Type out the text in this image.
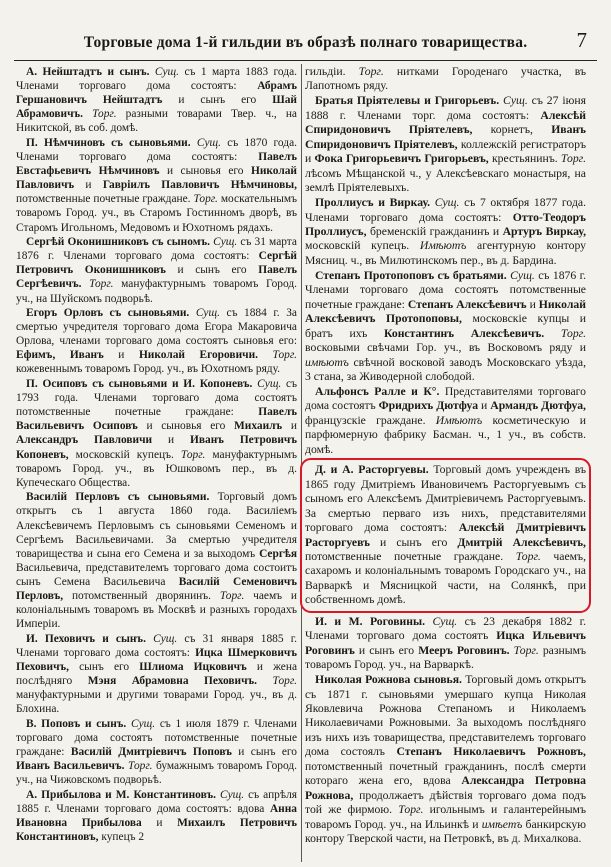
Торговые дома 1-й гильдии въ образѣ полнаго товарищества.	7

А. Нейштадтъ и сынъ. Сущ. съ 1 марта 1883 года. Членами торговаго дома состоятъ: Абрамъ Гершановичъ Нейштадтъ и сынъ его Шай Абрамовичъ. Торг. разными товарами Твер. ч., на Никитской, въ соб. домѣ.

П. Нѣмчиновъ съ сыновьями. Сущ. съ 1870 года. Членами торговаго дома состоятъ: Павелъ Евстафьевичъ Нѣмчиновъ и сыновья его Николай Павловичъ и Гавріилъ Павловичъ Нѣмчиновы, потомственные почетные граждане. Торг. москательнымъ товаромъ Город. уч., въ Старомъ Гостинномъ дворѣ, въ Старомъ Игольномъ, Медовомъ и Юхотномъ рядахъ.

Сергѣй Оконишниковъ съ сыномъ. Сущ. съ 31 марта 1876 г. Членами торговаго дома состоятъ: Сергѣй Петровичъ Оконишниковъ и сынъ его Павелъ Сергѣевичъ. Торг. мануфактурнымъ товаромъ Город. уч., на Шуйскомъ подворьѣ.

Егоръ Орловъ съ сыновьями. Сущ. съ 1884 г. За смертью учредителя торговаго дома Егора Макаровича Орлова, членами торговаго дома состоятъ сыновья его: Ефимъ, Иванъ и Николай Егоровичи. Торг. кожевеннымъ товаромъ Город. уч., въ Юхотномъ ряду.

П. Осиповъ съ сыновьями и И. Копоневъ. Сущ. съ 1793 года. Членами торговаго дома состоятъ потомственные почетные граждане: Павелъ Васильевичъ Осиповъ и сыновья его Михаилъ и Александръ Павловичи и Иванъ Петровичъ Копоневъ, московскій купецъ. Торг. мануфактурнымъ товаромъ Город. уч., въ Юшковомъ пер., въ д. Купеческаго Общества.

Василій Перловъ съ сыновьями. Торговый домъ открытъ съ 1 августа 1860 года. Василіемъ Алексѣевичемъ Перловымъ съ сыновьями Семеномъ и Сергѣемъ Васильевичами. За смертью учредителя товарищества и сына его Семена и за выходомъ Сергѣя Васильевича, представителемъ торговаго дома состоитъ сынъ Семена Васильевича Василій Семеновичъ Перловъ, потомственный дворянинъ. Торг. чаемъ и колоніальнымъ товаромъ въ Москвѣ и разныхъ городахъ Имперіи.

И. Пеховичъ и сынъ. Сущ. съ 31 января 1885 г. Членами торговаго дома состоятъ: Ицка Шмерковичъ Пеховичъ, сынъ его Шлиома Ицковичъ и жена послѣдняго Мэня Абрамовна Пеховичъ. Торг. мануфактурными и другими товарами Город. уч., въ д. Блохина.

В. Поповъ и сынъ. Сущ. съ 1 июля 1879 г. Членами торговаго дома состоятъ потомственные почетные граждане: Василій Дмитріевичъ Поповъ и сынъ его Иванъ Васильевичъ. Торг. бумажнымъ товаромъ Город. уч., на Чижовскомъ подворьѣ.

А. Прибылова и М. Константиновъ. Сущ. съ апрѣля 1885 г. Членами торговаго дома состоятъ: вдова Анна Ивановна Прибылова и Михаилъ Петровичъ Константиновъ, купецъ 2

гильдіи. Торг. нитками Городенаго участка, въ Лапотномъ ряду.

Братья Пріятелевы и Григорьевъ. Сущ. съ 27 іюня 1888 г. Членами торг. дома состоятъ: Алексѣй Спиридоновичъ Пріятелевъ, корнетъ, Иванъ Спиридоновичъ Пріятелевъ, коллежскій регистраторъ и Фока Григорьевичъ Григорьевъ, крестьянинъ. Торг. лѣсомъ Мѣщанской ч., у Алексѣевскаго монастыря, на землѣ Пріятелевыхъ.

Проллиусъ и Виркау. Сущ. съ 7 октября 1877 года. Членами торговаго дома состоятъ: Отто-Теодоръ Проллиусъ, бременскій гражданинъ и Артуръ Виркау, московскій купецъ. Имѣютъ агентурную контору Мясниц. ч., въ Милютинскомъ пер., въ д. Бардина.

Степанъ Протопоповъ съ братьями. Сущ. съ 1876 г. Членами торговаго дома состоятъ потомственные почетные граждане: Степанъ Алексѣевичъ и Николай Алексѣевичъ Протопоповы, московскіе купцы и братъ ихъ Константинъ Алексѣевичъ. Торг. восковыми свѣчами Гор. уч., въ Восковомъ ряду и имѣютъ свѣчной восковой заводъ Московскаго уѣзда, 3 стана, за Живодерной слободой.

Альфонсъ Ралле и К°. Представителями торговаго дома состоятъ Фридрихъ Дютфуа и Армандъ Дютфуа, французскіе граждане. Имѣютъ косметическую и парфюмерную фабрику Басман. ч., 1 уч., въ собств. домѣ.

Д. и А. Расторгуевы. Торговый домъ учрежденъ въ 1865 году Дмитріемъ Ивановичемъ Расторгуевымъ съ сыномъ его Алексѣемъ Дмитріевичемъ Расторгуевымъ. За смертью перваго изъ нихъ, представителями торговаго дома состоятъ: Алексѣй Дмитріевичъ Расторгуевъ и сынъ его Дмитрій Алексѣевичъ, потомственные почетные граждане. Торг. чаемъ, сахаромъ и колоніальнымъ товаромъ Городскаго уч., на Варваркѣ и Мясницкой части, на Солянкѣ, при собственномъ домѣ.

И. и М. Роговины. Сущ. съ 23 декабря 1882 г. Членами торговаго дома состоятъ Ицка Ильевичъ Роговинъ и сынъ его Мееръ Роговинъ. Торг. разнымъ товаромъ Город. уч., на Варваркѣ.

Николая Рожнова сыновья. Торговый домъ открытъ съ 1871 г. сыновьями умершаго купца Николая Яковлевича Рожнова Степаномъ и Николаемъ Николаевичами Рожновыми. За выходомъ послѣдняго изъ нихъ изъ товарищества, представителемъ торговаго дома состоялъ Степанъ Николаевичъ Рожновъ, потомственный почетный гражданинъ, послѣ смерти котораго жена его, вдова Александра Петровна Рожнова, продолжаетъ дѣйствія торговаго дома подъ той же фирмою. Торг. игольнымъ и галантерейнымъ товаромъ Город. уч., на Ильинкѣ и имѣетъ банкирскую контору Тверской части, на Петровкѣ, въ д. Михалкова.
